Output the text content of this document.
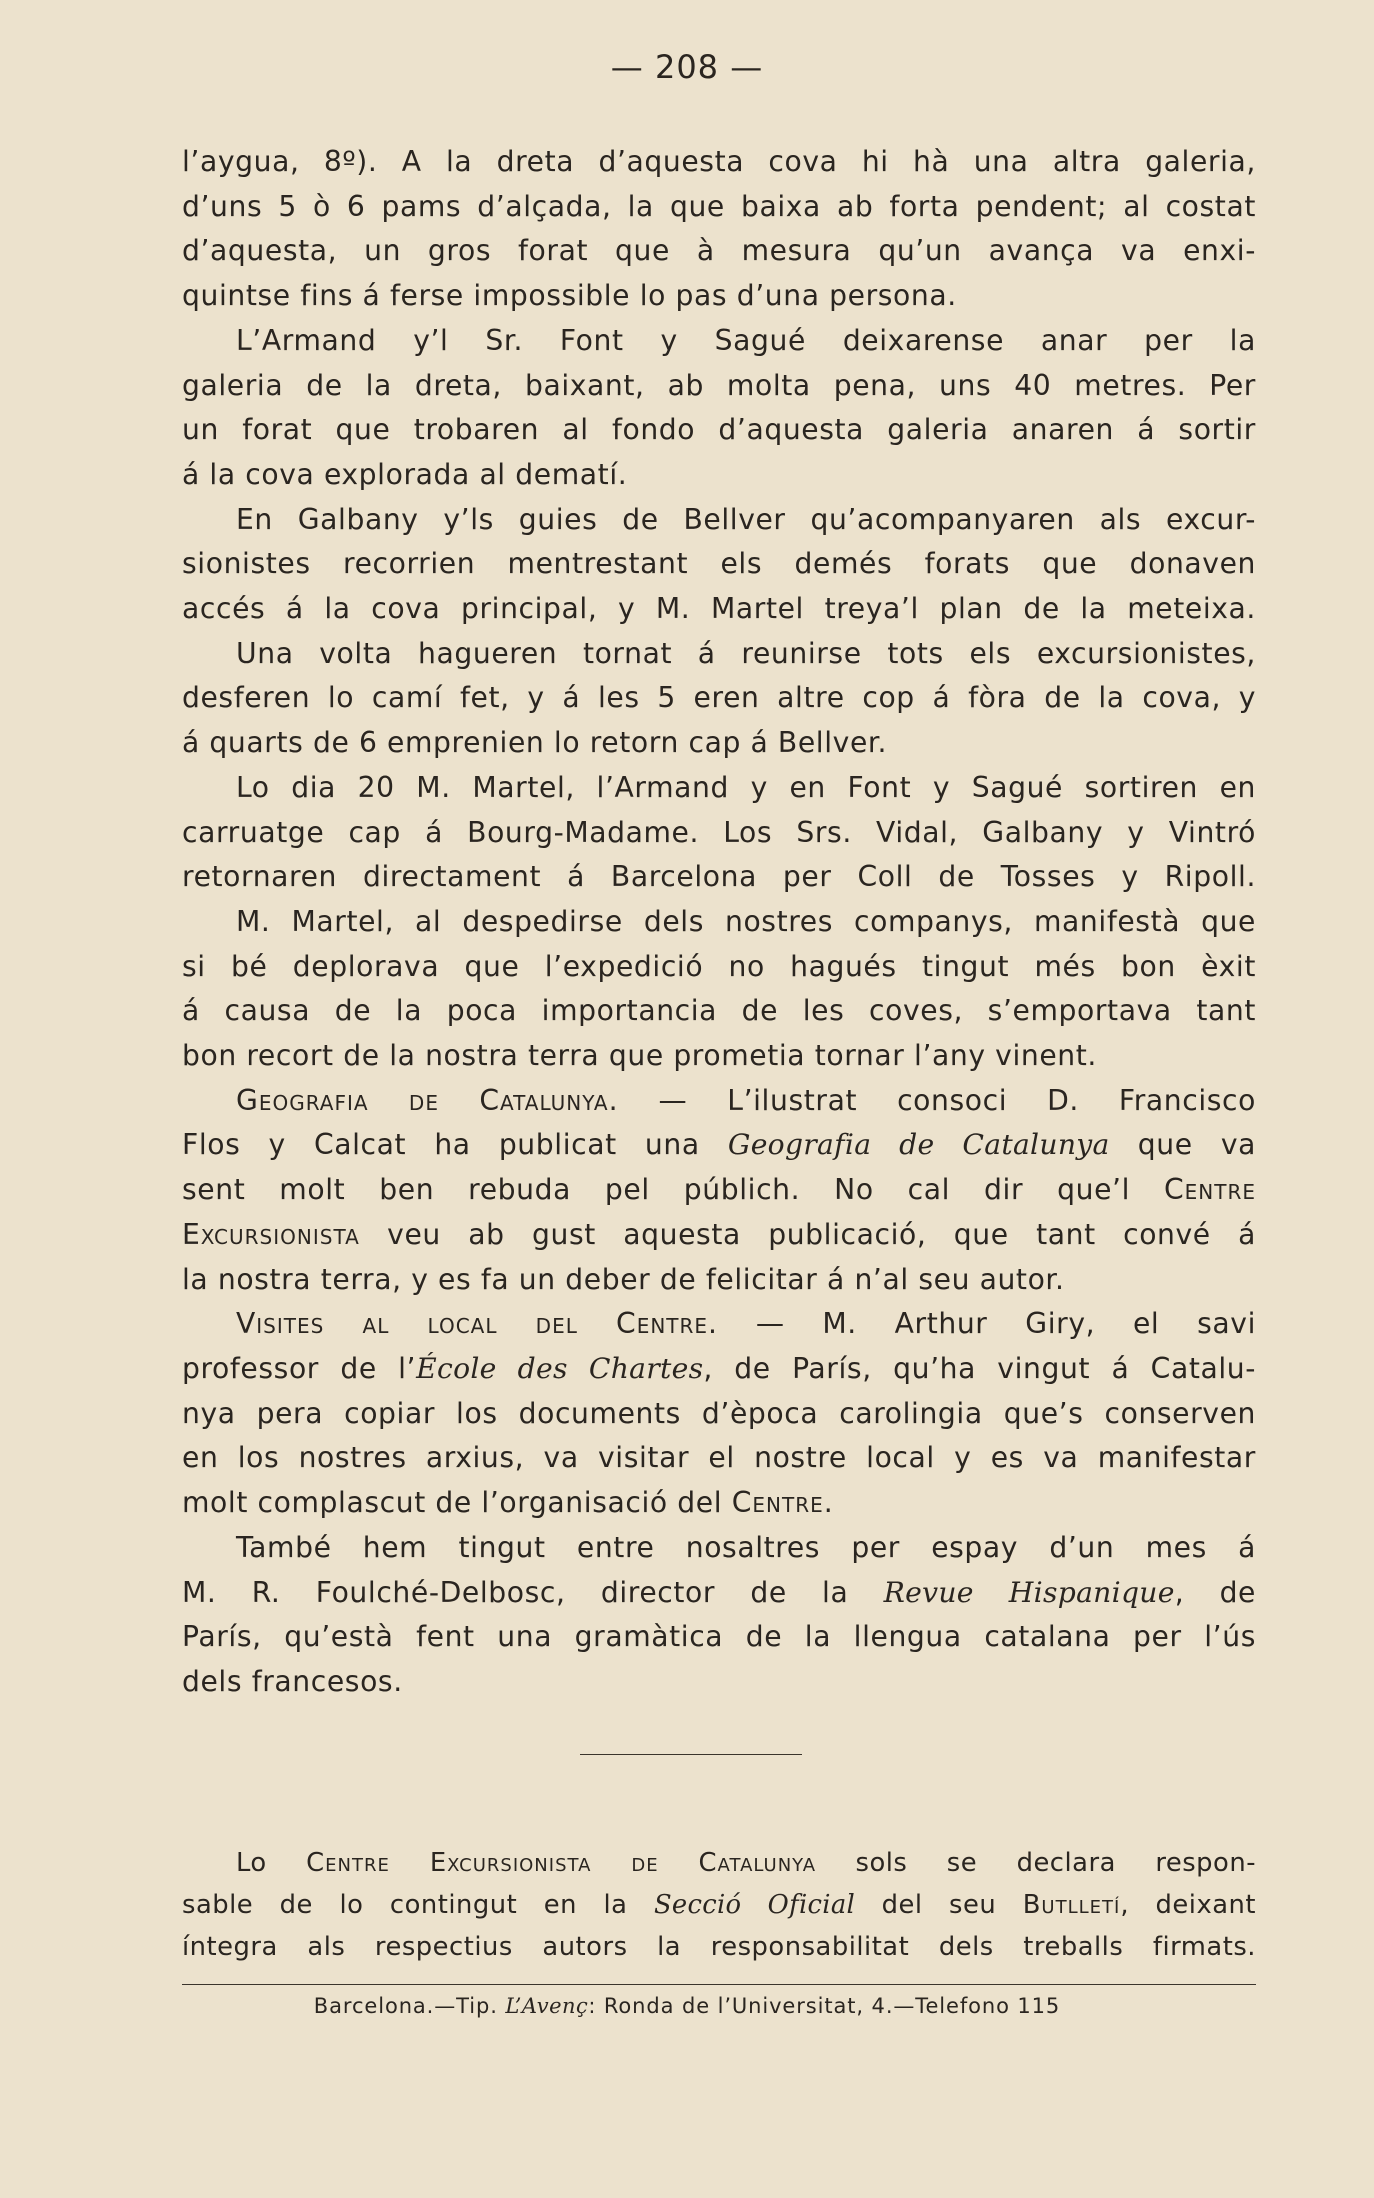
— 208 —
l’aygua, 8º). A la dreta d’aquesta cova hi hà una altra galeria,
d’uns 5 ò 6 pams d’alçada, la que baixa ab forta pendent; al costat
d’aquesta, un gros forat que à mesura qu’un avança va enxi-
quintse fins á ferse impossible lo pas d’una persona.
L’Armand y’l Sr. Font y Sagué deixarense anar per la
galeria de la dreta, baixant, ab molta pena, uns 40 metres. Per
un forat que trobaren al fondo d’aquesta galeria anaren á sortir
á la cova explorada al dematí.
En Galbany y’ls guies de Bellver qu’acompanyaren als excur-
sionistes recorrien mentrestant els demés forats que donaven
accés á la cova principal, y M. Martel treya’l plan de la meteixa.
Una volta hagueren tornat á reunirse tots els excursionistes,
desferen lo camí fet, y á les 5 eren altre cop á fòra de la cova, y
á quarts de 6 emprenien lo retorn cap á Bellver.
Lo dia 20 M. Martel, l’Armand y en Font y Sagué sortiren en
carruatge cap á Bourg-Madame. Los Srs. Vidal, Galbany y Vintró
retornaren directament á Barcelona per Coll de Tosses y Ripoll.
M. Martel, al despedirse dels nostres companys, manifestà que
si bé deplorava que l’expedició no hagués tingut més bon èxit
á causa de la poca importancia de les coves, s’emportava tant
bon recort de la nostra terra que prometia tornar l’any vinent.
Geografia de Catalunya. — L’ilustrat consoci D. Francisco
Flos y Calcat ha publicat una Geografia de Catalunya que va
sent molt ben rebuda pel públich. No cal dir que’l Centre
Excursionista veu ab gust aquesta publicació, que tant convé á
la nostra terra, y es fa un deber de felicitar á n’al seu autor.
Visites al local del Centre. — M. Arthur Giry, el savi
professor de l’École des Chartes, de París, qu’ha vingut á Catalu-
nya pera copiar los documents d’època carolingia que’s conserven
en los nostres arxius, va visitar el nostre local y es va manifestar
molt complascut de l’organisació del Centre.
També hem tingut entre nosaltres per espay d’un mes á
M. R. Foulché-Delbosc, director de la Revue Hispanique, de
París, qu’està fent una gramàtica de la llengua catalana per l’ús
dels francesos.
Lo Centre Excursionista de Catalunya sols se declara respon-
sable de lo contingut en la Secció Oficial del seu Butlletí, deixant
íntegra als respectius autors la responsabilitat dels treballs firmats.
Barcelona.—Tip. L’Avenç: Ronda de l’Universitat, 4.—Telefono 115
